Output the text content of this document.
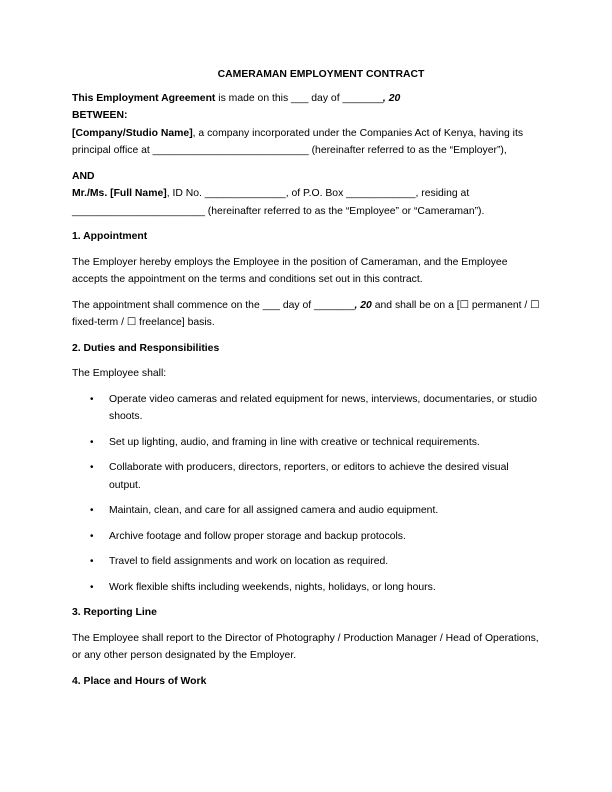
CAMERAMAN EMPLOYMENT CONTRACT

This Employment Agreement is made on this ___ day of _______, 20

BETWEEN:

[Company/Studio Name], a company incorporated under the Companies Act of Kenya, having its principal office at ___________________________ (hereinafter referred to as the “Employer”),

AND

Mr./Ms. [Full Name], ID No. ______________, of P.O. Box ____________, residing at _______________________ (hereinafter referred to as the “Employee” or “Cameraman”).

1. Appointment

The Employer hereby employs the Employee in the position of Cameraman, and the Employee accepts the appointment on the terms and conditions set out in this contract.

The appointment shall commence on the ___ day of _______, 20 and shall be on a [☐ permanent / ☐ fixed-term / ☐ freelance] basis.

2. Duties and Responsibilities

The Employee shall:

• Operate video cameras and related equipment for news, interviews, documentaries, or studio shoots.
• Set up lighting, audio, and framing in line with creative or technical requirements.
• Collaborate with producers, directors, reporters, or editors to achieve the desired visual output.
• Maintain, clean, and care for all assigned camera and audio equipment.
• Archive footage and follow proper storage and backup protocols.
• Travel to field assignments and work on location as required.
• Work flexible shifts including weekends, nights, holidays, or long hours.

3. Reporting Line

The Employee shall report to the Director of Photography / Production Manager / Head of Operations, or any other person designated by the Employer.

4. Place and Hours of Work
